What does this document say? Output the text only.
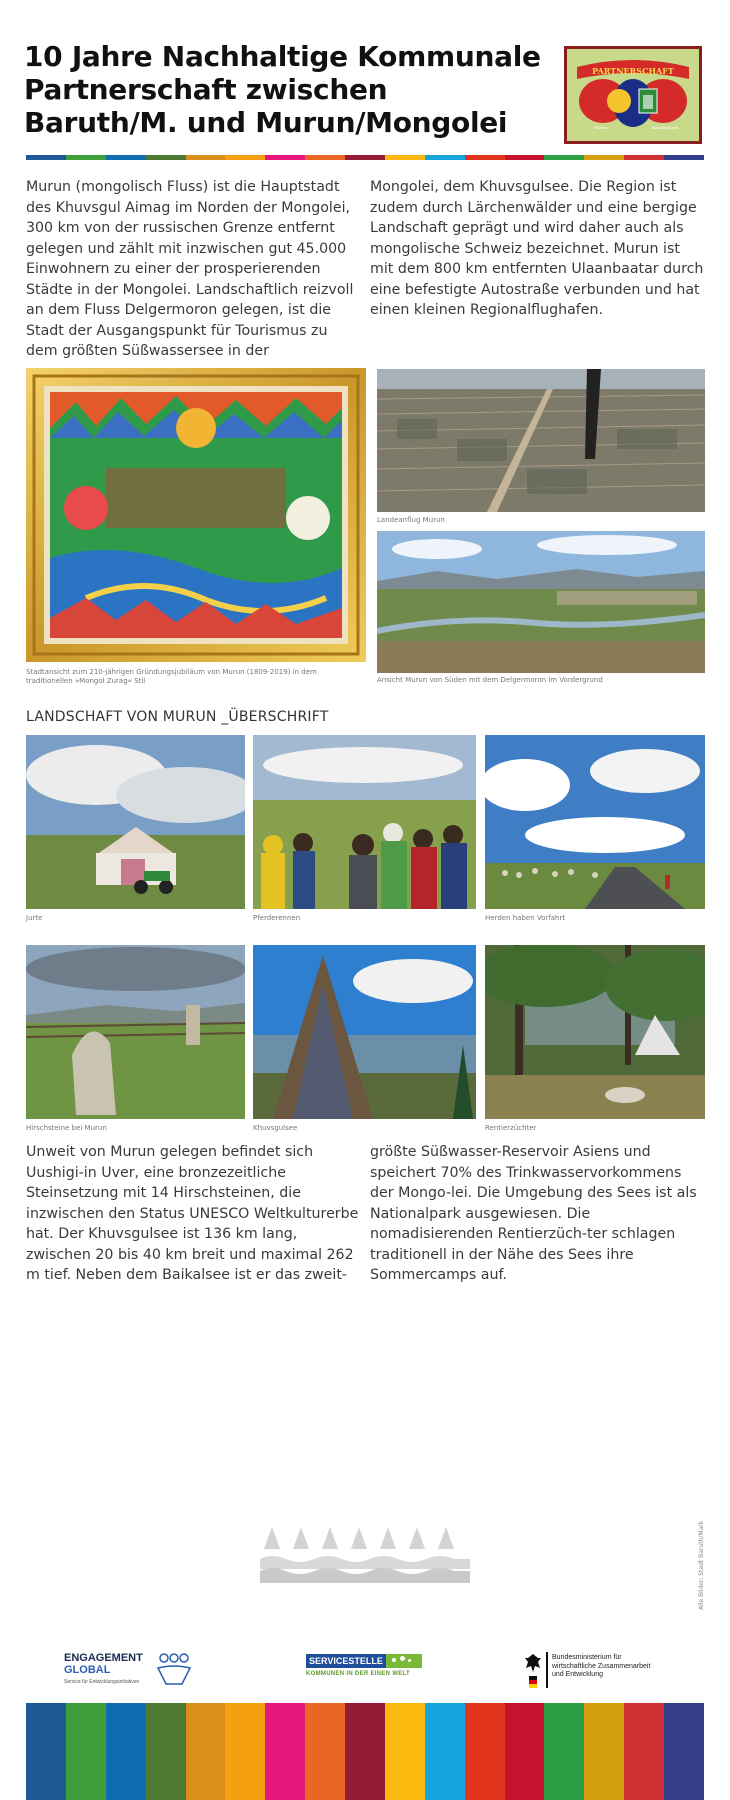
10 Jahre Nachhaltige Kommunale Partnerschaft zwischen Baruth/M. und Murun/Mongolei
PARTNERSCHAFT
Mörön	Baruth/Mark
Murun (mongolisch Fluss) ist die Hauptstadt des Khuvsgul Aimag im Norden der Mongolei, 300 km von der russischen Grenze entfernt gelegen und zählt mit inzwischen gut 45.000 Einwohnern zu einer der prosperierenden Städte in der Mongolei. Landschaftlich reizvoll an dem Fluss Delgermoron gelegen, ist die Stadt der Ausgangspunkt für Tourismus zu dem größten Süßwassersee in der
Mongolei, dem Khuvsgulsee. Die Region ist zudem durch Lärchenwälder und eine bergige Landschaft geprägt und wird daher auch als mongolische Schweiz bezeichnet. Murun ist mit dem 800 km entfernten Ulaanbaatar durch eine befestigte Autostraße verbunden und hat einen kleinen Regionalflughafen.
Stadtansicht zum 210-jährigen Gründungsjubiläum von Murun (1809-2019) in dem traditionellen »Mongol Zurag« Stil
Landeanflug Murun
Ansicht Murun von Süden mit dem Delgermoron im Vordergrund
LANDSCHAFT VON MURUN _ÜBERSCHRIFT
Jurte	Pferderennen	Herden haben Vorfahrt
Hirschsteine bei Murun	Khuvsgulsee	Rentierzüchter
Unweit von Murun gelegen befindet sich Uushigi-in Uver, eine bronzezeitliche Steinsetzung mit 14 Hirschsteinen, die inzwischen den Status UNESCO Weltkulturerbe hat. Der Khuvsgulsee ist 136 km lang, zwischen 20 bis 40 km breit und maximal 262 m tief. Neben dem Baikalsee ist er das zweit-
größte Süßwasser-Reservoir Asiens und speichert 70% des Trinkwasservorkommens der Mongo-lei. Die Umgebung des Sees ist als Nationalpark ausgewiesen. Die nomadisierenden Rentierzüch-ter schlagen traditionell in der Nähe des Sees ihre Sommercamps auf.
Alle Bilder: Stadt Baruth/Mark
ENGAGEMENT
GLOBAL
Service für Entwicklungsinitiativen
SERVICESTELLE
KOMMUNEN IN DER EINEN WELT
Bundesministerium für
wirtschaftliche Zusammenarbeit
und Entwicklung
